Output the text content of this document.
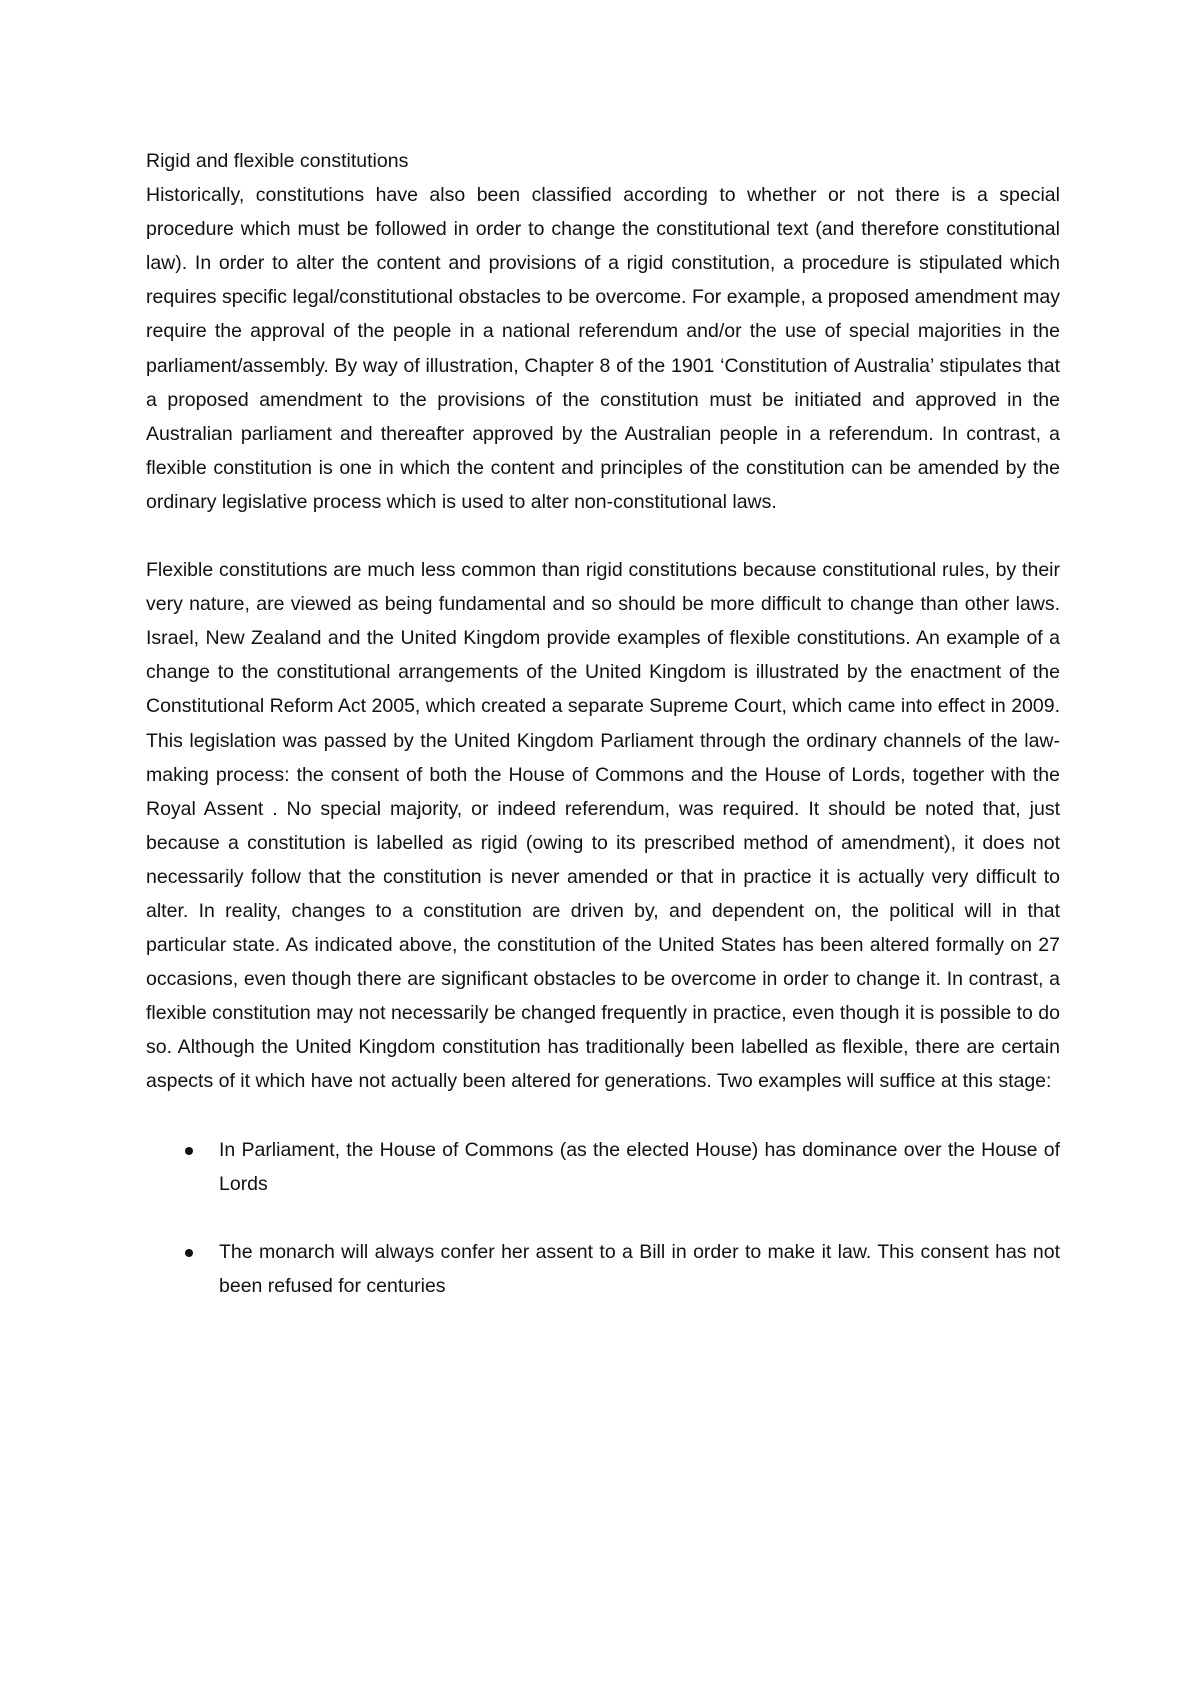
Rigid and flexible constitutions

Historically, constitutions have also been classified according to whether or not there is a special procedure which must be followed in order to change the constitutional text (and therefore constitutional law). In order to alter the content and provisions of a rigid constitution, a procedure is stipulated which requires specific legal/constitutional obstacles to be overcome. For example, a proposed amendment may require the approval of the people in a national referendum and/or the use of special majorities in the parliament/assembly. By way of illustration, Chapter 8 of the 1901 ‘Constitution of Australia’ stipulates that a proposed amendment to the provisions of the constitution must be initiated and approved in the Australian parliament and thereafter approved by the Australian people in a referendum. In contrast, a flexible constitution is one in which the content and principles of the constitution can be amended by the ordinary legislative process which is used to alter non-constitutional laws.

Flexible constitutions are much less common than rigid constitutions because constitutional rules, by their very nature, are viewed as being fundamental and so should be more difficult to change than other laws. Israel, New Zealand and the United Kingdom provide examples of flexible constitutions. An example of a change to the constitutional arrangements of the United Kingdom is illustrated by the enactment of the Constitutional Reform Act 2005, which created a separate Supreme Court, which came into effect in 2009. This legislation was passed by the United Kingdom Parliament through the ordinary channels of the law-making process: the consent of both the House of Commons and the House of Lords, together with the Royal Assent . No special majority, or indeed referendum, was required. It should be noted that, just because a constitution is labelled as rigid (owing to its prescribed method of amendment), it does not necessarily follow that the constitution is never amended or that in practice it is actually very difficult to alter. In reality, changes to a constitution are driven by, and dependent on, the political will in that particular state. As indicated above, the constitution of the United States has been altered formally on 27 occasions, even though there are significant obstacles to be overcome in order to change it. In contrast, a flexible constitution may not necessarily be changed frequently in practice, even though it is possible to do so. Although the United Kingdom constitution has traditionally been labelled as flexible, there are certain aspects of it which have not actually been altered for generations. Two examples will suffice at this stage:

In Parliament, the House of Commons (as the elected House) has dominance over the House of Lords
The monarch will always confer her assent to a Bill in order to make it law. This consent has not been refused for centuries
